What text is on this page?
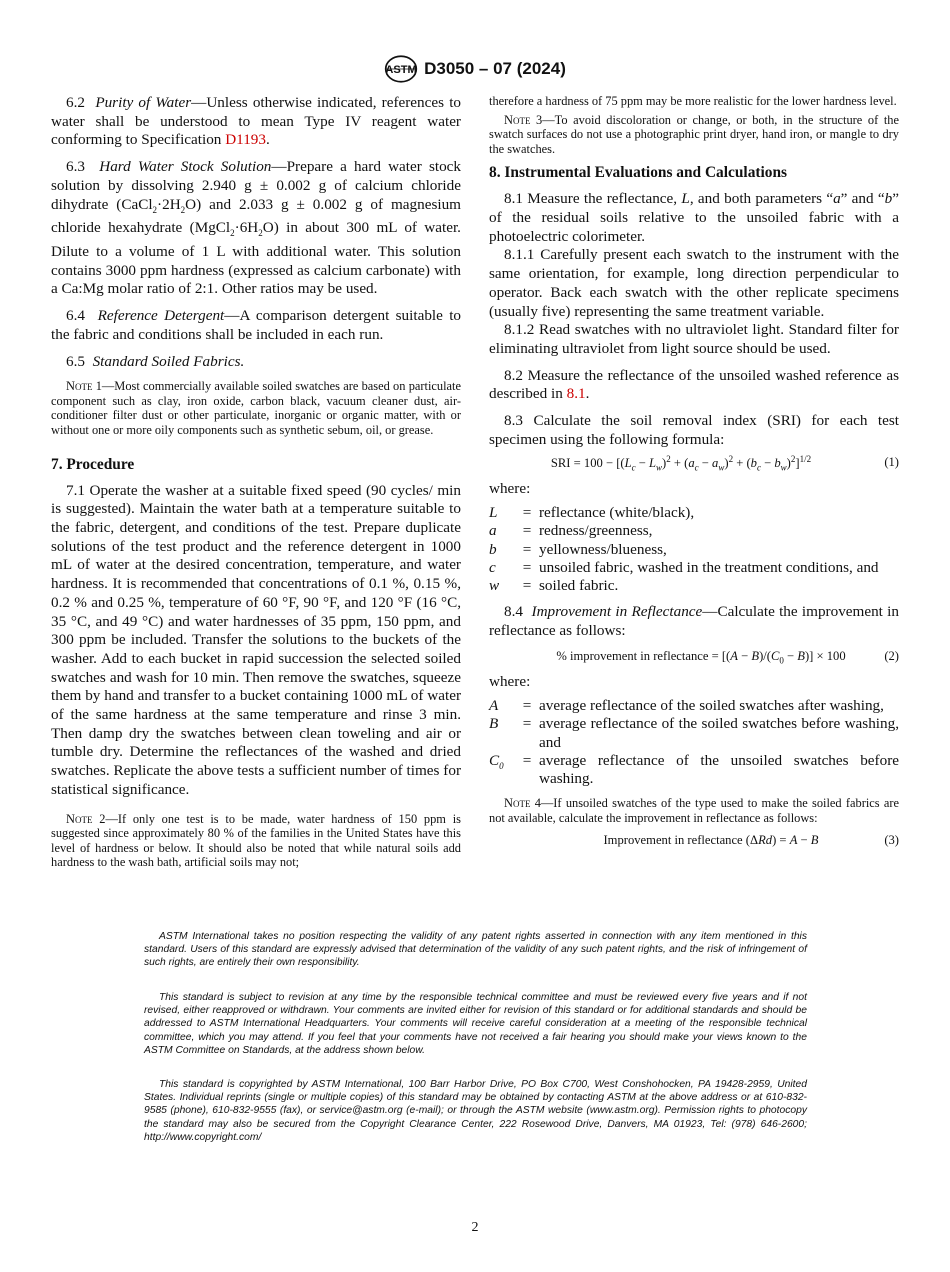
ASTM D3050 – 07 (2024)

6.2 Purity of Water—Unless otherwise indicated, references to water shall be understood to mean Type IV reagent water conforming to Specification D1193.

6.3 Hard Water Stock Solution—Prepare a hard water stock solution by dissolving 2.940 g ± 0.002 g of calcium chloride dihydrate $(CaCl_2\cdot 2H_2O)$ and 2.033 g ± 0.002 g of magnesium chloride hexahydrate $(MgCl_2\cdot 6H_2O)$ in about 300 mL of water. Dilute to a volume of 1 L with additional water. This solution contains 3000 ppm hardness (expressed as calcium carbonate) with a Ca:Mg molar ratio of 2:1. Other ratios may be used.

6.4 Reference Detergent—A comparison detergent suitable to the fabric and conditions shall be included in each run.

6.5 Standard Soiled Fabrics.

Note 1—Most commercially available soiled swatches are based on particulate component such as clay, iron oxide, carbon black, vacuum cleaner dust, air-conditioner filter dust or other particulate, inorganic or organic matter, with or without one or more oily components such as synthetic sebum, oil, or grease.

7. Procedure

7.1 Operate the washer at a suitable fixed speed (90 cycles/ min is suggested). Maintain the water bath at a temperature suitable to the fabric, detergent, and conditions of the test. Prepare duplicate solutions of the test product and the reference detergent in 1000 mL of water at the desired concentration, temperature, and water hardness. It is recommended that concentrations of 0.1 %, 0.15 %, 0.2 % and 0.25 %, temperature of 60 °F, 90 °F, and 120 °F (16 °C, 35 °C, and 49 °C) and water hardnesses of 35 ppm, 150 ppm, and 300 ppm be included. Transfer the solutions to the buckets of the washer. Add to each bucket in rapid succession the selected soiled swatches and wash for 10 min. Then remove the swatches, squeeze them by hand and transfer to a bucket containing 1000 mL of water of the same hardness at the same temperature and rinse 3 min. Then damp dry the swatches between clean toweling and air or tumble dry. Determine the reflectances of the washed and dried swatches. Replicate the above tests a sufficient number of times for statistical significance.

Note 2—If only one test is to be made, water hardness of 150 ppm is suggested since approximately 80 % of the families in the United States have this level of hardness or below. It should also be noted that while natural soils add hardness to the wash bath, artificial soils may not;

therefore a hardness of 75 ppm may be more realistic for the lower hardness level.

Note 3—To avoid discoloration or change, or both, in the structure of the swatch surfaces do not use a photographic print dryer, hand iron, or mangle to dry the swatches.

8. Instrumental Evaluations and Calculations

8.1 Measure the reflectance, L, and both parameters “a” and “b” of the residual soils relative to the unsoiled fabric with a photoelectric colorimeter.

8.1.1 Carefully present each swatch to the instrument with the same orientation, for example, long direction perpendicular to operator. Back each swatch with the other replicate specimens (usually five) representing the same treatment variable.

8.1.2 Read swatches with no ultraviolet light. Standard filter for eliminating ultraviolet from light source should be used.

8.2 Measure the reflectance of the unsoiled washed reference as described in 8.1.

8.3 Calculate the soil removal index (SRI) for each test specimen using the following formula:

SRI = $100 - [(L_c - L_w)^2 + (a_c - a_w)^2 + (b_c - b_w)^2]^{1/2}$	(1)
where:
L	= reflectance (white/black),
a	= redness/greenness,
b	= yellowness/blueness,
c	= unsoiled fabric, washed in the treatment conditions, and
w	= soiled fabric.

8.4 Improvement in Reflectance—Calculate the improvement in reflectance as follows:

% improvement in reflectance = $[(A - B)/(C_0 - B)] \times 100$	(2)
where:
A	= average reflectance of the soiled swatches after washing,
B	= average reflectance of the soiled swatches before washing, and
$C_0$	= average reflectance of the unsoiled swatches before washing.

Note 4—If unsoiled swatches of the type used to make the soiled fabrics are not available, calculate the improvement in reflectance as follows:

Improvement in reflectance (ΔRd) = A − B	(3)

ASTM International takes no position respecting the validity of any patent rights asserted in connection with any item mentioned in this standard. Users of this standard are expressly advised that determination of the validity of any such patent rights, and the risk of infringement of such rights, are entirely their own responsibility.

This standard is subject to revision at any time by the responsible technical committee and must be reviewed every five years and if not revised, either reapproved or withdrawn. Your comments are invited either for revision of this standard or for additional standards and should be addressed to ASTM International Headquarters. Your comments will receive careful consideration at a meeting of the responsible technical committee, which you may attend. If you feel that your comments have not received a fair hearing you should make your views known to the ASTM Committee on Standards, at the address shown below.

This standard is copyrighted by ASTM International, 100 Barr Harbor Drive, PO Box C700, West Conshohocken, PA 19428-2959, United States. Individual reprints (single or multiple copies) of this standard may be obtained by contacting ASTM at the above address or at 610-832-9585 (phone), 610-832-9555 (fax), or service@astm.org (e-mail); or through the ASTM website (www.astm.org). Permission rights to photocopy the standard may also be secured from the Copyright Clearance Center, 222 Rosewood Drive, Danvers, MA 01923, Tel: (978) 646-2600; http://www.copyright.com/

2
